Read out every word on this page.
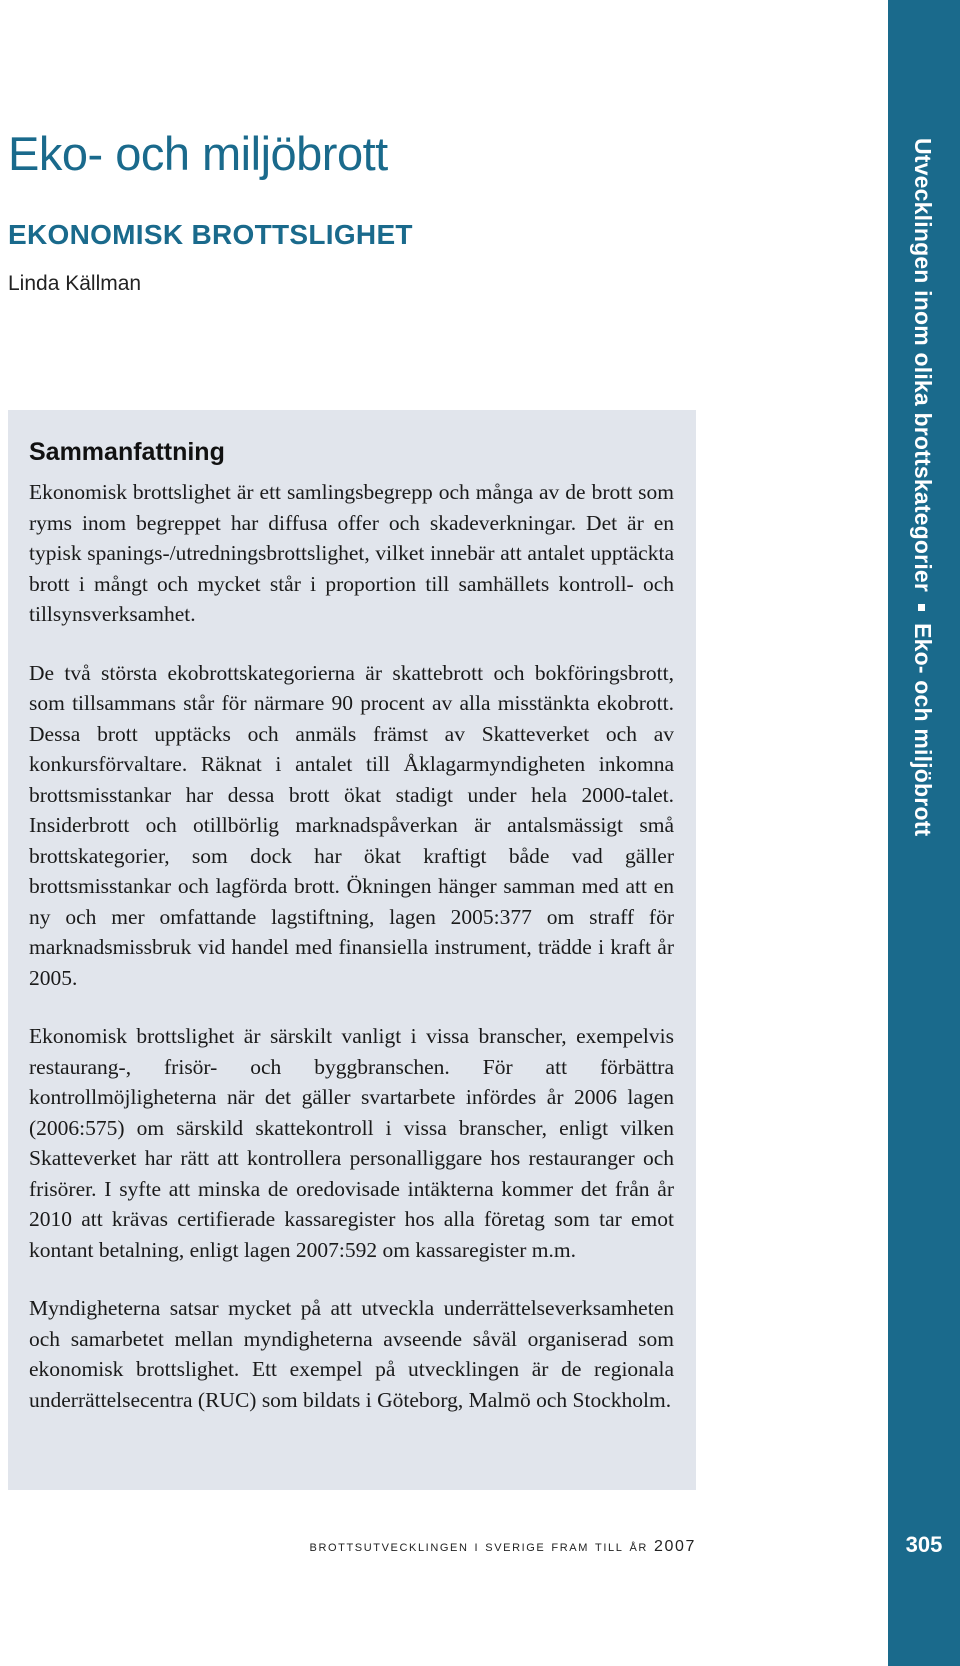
Eko- och miljöbrott
EKONOMISK BROTTSLIGHET

Linda Källman

Sammanfattning

Ekonomisk brottslighet är ett samlingsbegrepp och många av de brott som ryms inom begreppet har diffusa offer och skadeverkningar. Det är en typisk spanings-/utredningsbrottslighet, vilket innebär att antalet upptäckta brott i mångt och mycket står i proportion till samhällets kontroll- och tillsynsverksamhet.

De två största ekobrottskategorierna är skattebrott och bokföringsbrott, som tillsammans står för närmare 90 procent av alla misstänkta ekobrott. Dessa brott upptäcks och anmäls främst av Skatteverket och av konkursförvaltare. Räknat i antalet till Åklagarmyndigheten inkomna brottsmisstankar har dessa brott ökat stadigt under hela 2000-talet. Insiderbrott och otillbörlig marknadspåverkan är antalsmässigt små brottskategorier, som dock har ökat kraftigt både vad gäller brottsmisstankar och lagförda brott. Ökningen hänger samman med att en ny och mer omfattande lagstiftning, lagen 2005:377 om straff för marknadsmissbruk vid handel med finansiella instrument, trädde i kraft år 2005.

Ekonomisk brottslighet är särskilt vanligt i vissa branscher, exempelvis restaurang-, frisör- och byggbranschen. För att förbättra kontrollmöjligheterna när det gäller svartarbete infördes år 2006 lagen (2006:575) om särskild skattekontroll i vissa branscher, enligt vilken Skatteverket har rätt att kontrollera personalliggare hos restauranger och frisörer. I syfte att minska de oredovisade intäkterna kommer det från år 2010 att krävas certifierade kassaregister hos alla företag som tar emot kontant betalning, enligt lagen 2007:592 om kassaregister m.m.

Myndigheterna satsar mycket på att utveckla underrättelseverksamheten och samarbetet mellan myndigheterna avseende såväl organiserad som ekonomisk brottslighet. Ett exempel på utvecklingen är de regionala underrättelsecentra (RUC) som bildats i Göteborg, Malmö och Stockholm.

Utvecklingen inom olika brottskategorierEko- och miljöbrott
brottsutvecklingen i sverige fram till år 2007	305
